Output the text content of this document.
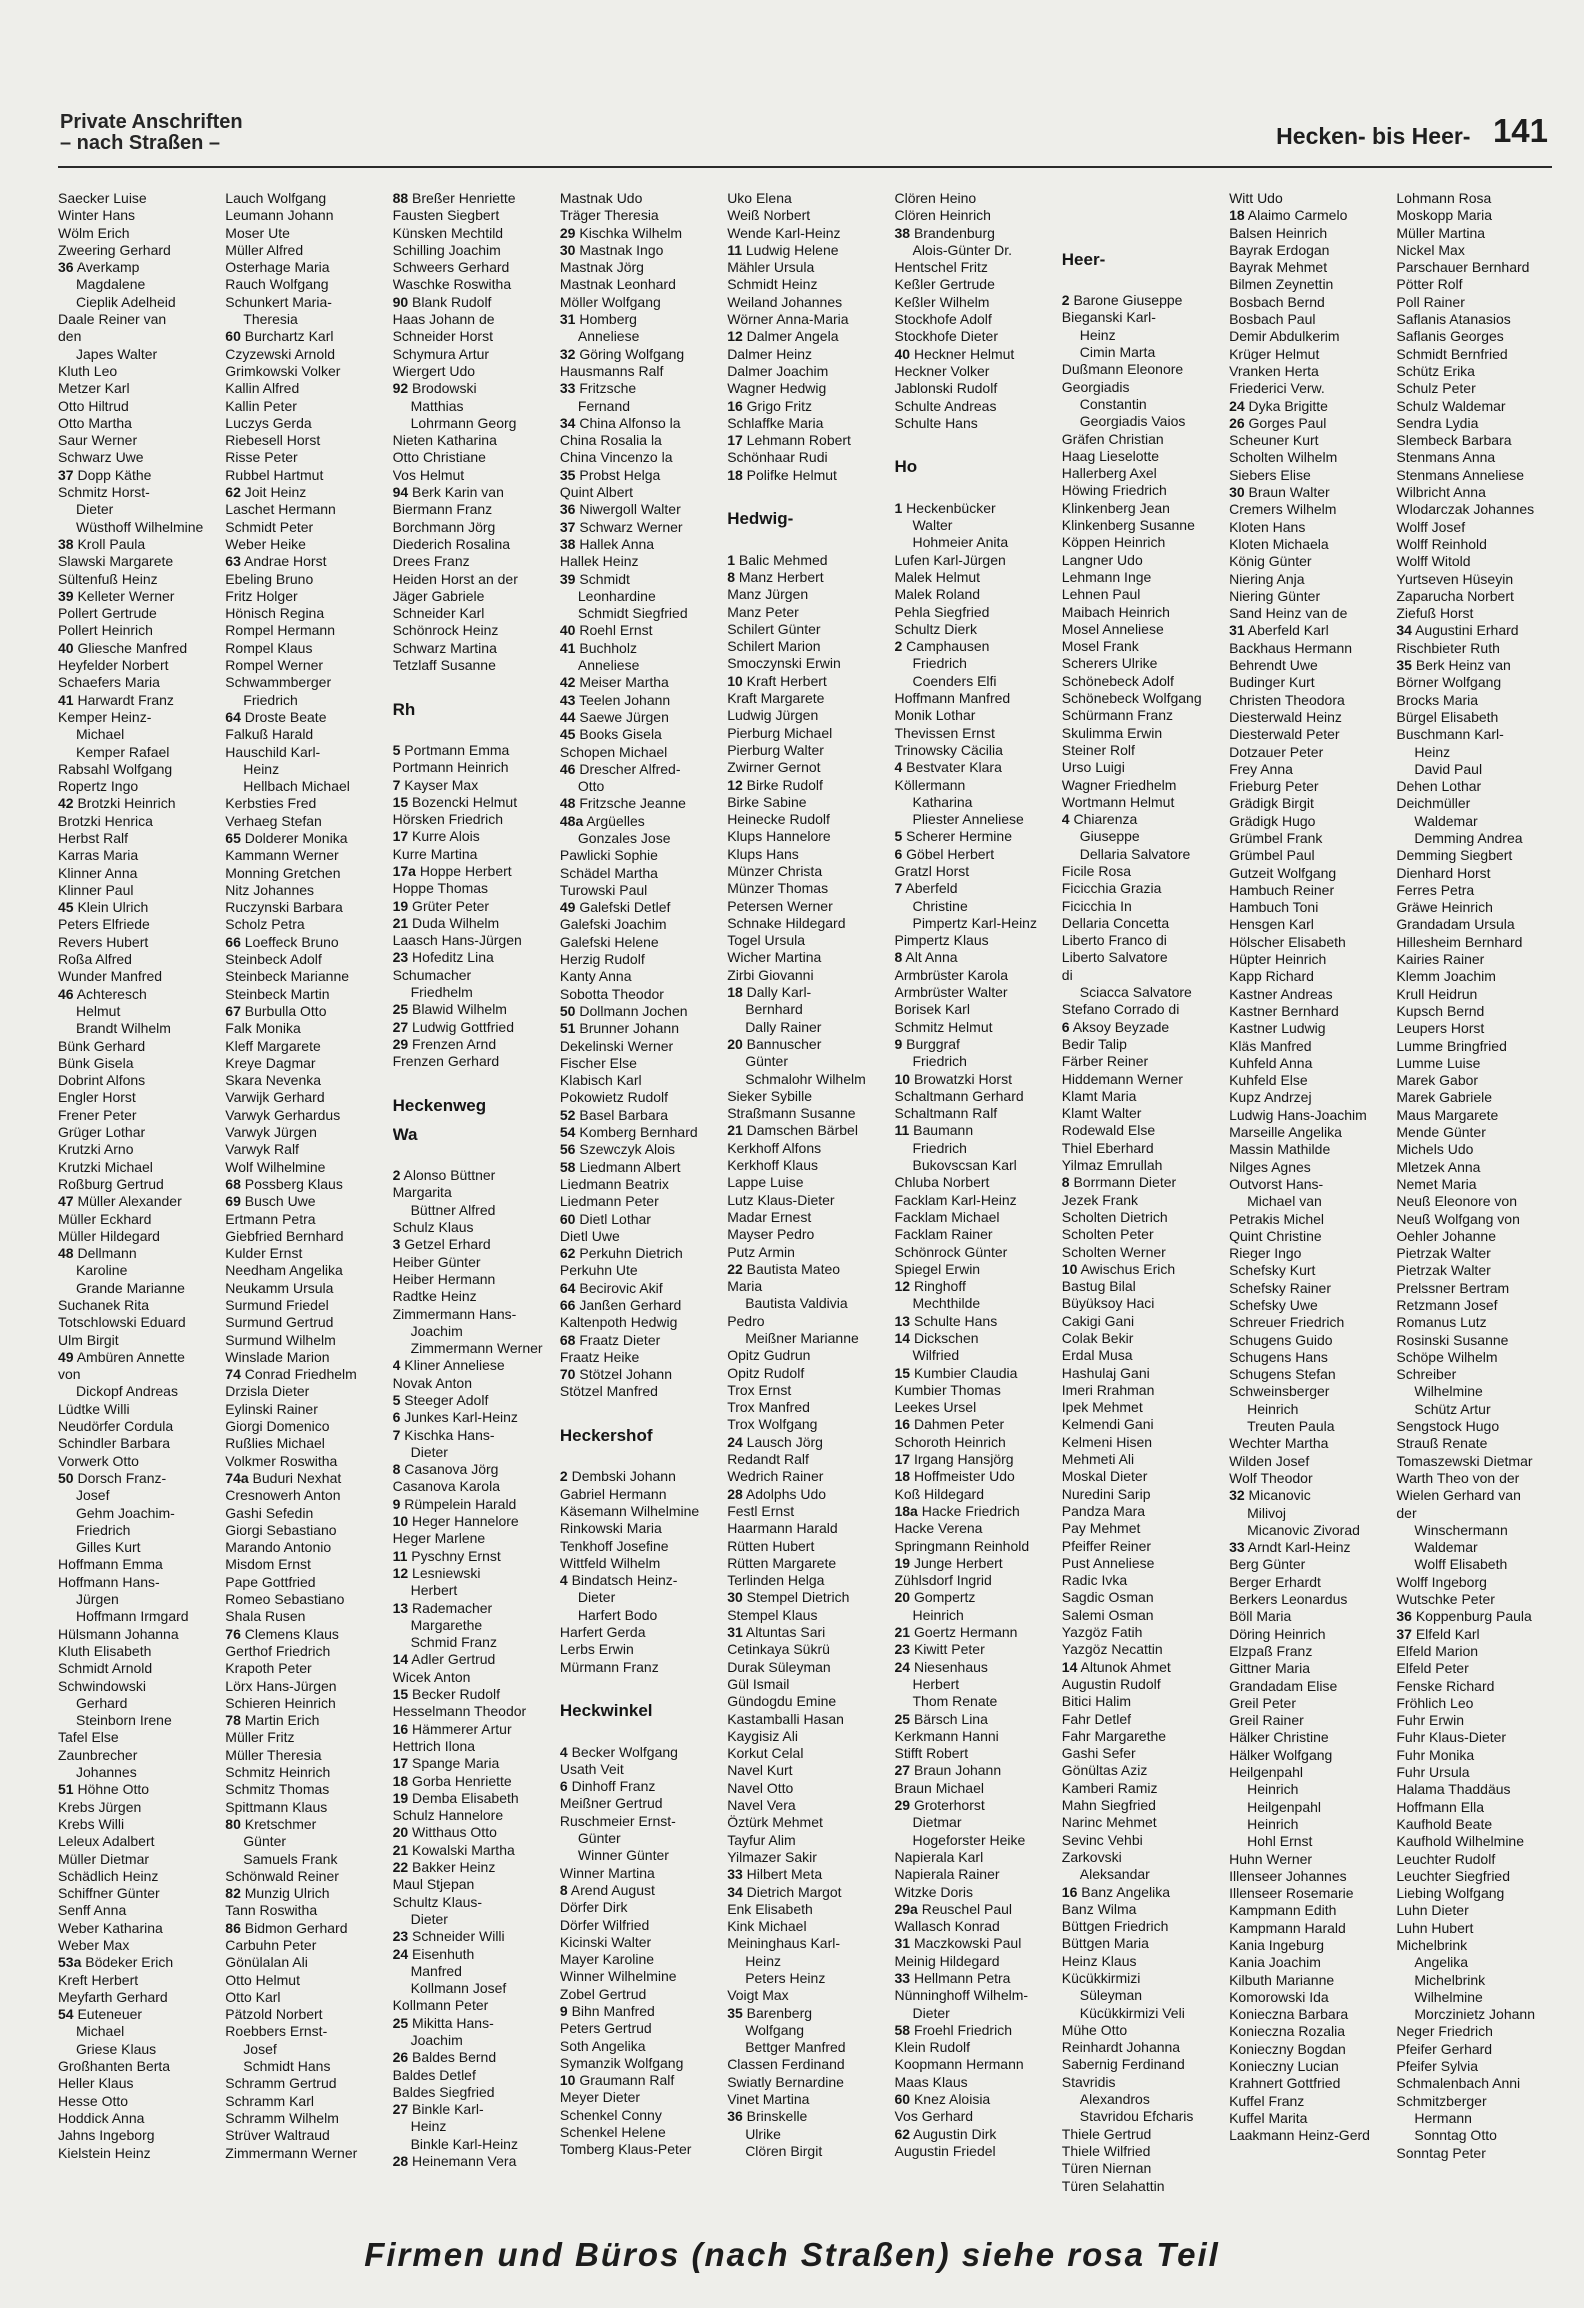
Private Anschriften
– nach Straßen –	Hecken- bis Heer- 141
Saecker Luise
Winter Hans
Wölm Erich
Zweering Gerhard
36 Averkamp
Magdalene
Cieplik Adelheid
Daale Reiner van
den
Japes Walter
Kluth Leo
Metzer Karl
Otto Hiltrud
Otto Martha
Saur Werner
Schwarz Uwe
37 Dopp Käthe
Schmitz Horst-
Dieter
Wüsthoff Wilhelmine
38 Kroll Paula
Slawski Margarete
Sültenfuß Heinz
39 Kelleter Werner
Pollert Gertrude
Pollert Heinrich
40 Gliesche Manfred
Heyfelder Norbert
Schaefers Maria
41 Harwardt Franz
Kemper Heinz-
Michael
Kemper Rafael
Rabsahl Wolfgang
Ropertz Ingo
42 Brotzki Heinrich
Brotzki Henrica
Herbst Ralf
Karras Maria
Klinner Anna
Klinner Paul
45 Klein Ulrich
Peters Elfriede
Revers Hubert
Roßa Alfred
Wunder Manfred
46 Achteresch
Helmut
Brandt Wilhelm
Bünk Gerhard
Bünk Gisela
Dobrint Alfons
Engler Horst
Frener Peter
Grüger Lothar
Krutzki Arno
Krutzki Michael
Roßburg Gertrud
47 Müller Alexander
Müller Eckhard
Müller Hildegard
48 Dellmann
Karoline
Grande Marianne
Suchanek Rita
Totschlowski Eduard
Ulm Birgit
49 Ambüren Annette
von
Dickopf Andreas
Lüdtke Willi
Neudörfer Cordula
Schindler Barbara
Vorwerk Otto
50 Dorsch Franz-
Josef
Gehm Joachim-
Friedrich
Gilles Kurt
Hoffmann Emma
Hoffmann Hans-
Jürgen
Hoffmann Irmgard
Hülsmann Johanna
Kluth Elisabeth
Schmidt Arnold
Schwindowski
Gerhard
Steinborn Irene
Tafel Else
Zaunbrecher
Johannes
51 Höhne Otto
Krebs Jürgen
Krebs Willi
Leleux Adalbert
Müller Dietmar
Schädlich Heinz
Schiffner Günter
Senff Anna
Weber Katharina
Weber Max
53a Bödeker Erich
Kreft Herbert
Meyfarth Gerhard
54 Euteneuer
Michael
Griese Klaus
Großhanten Berta
Heller Klaus
Hesse Otto
Hoddick Anna
Jahns Ingeborg
Kielstein Heinz
Lauch Wolfgang
Leumann Johann
Moser Ute
Müller Alfred
Osterhage Maria
Rauch Wolfgang
Schunkert Maria-
Theresia
60 Burchartz Karl
Czyzewski Arnold
Grimkowski Volker
Kallin Alfred
Kallin Peter
Luczys Gerda
Riebesell Horst
Risse Peter
Rubbel Hartmut
62 Joit Heinz
Laschet Hermann
Schmidt Peter
Weber Heike
63 Andrae Horst
Ebeling Bruno
Fritz Holger
Hönisch Regina
Rompel Hermann
Rompel Klaus
Rompel Werner
Schwammberger
Friedrich
64 Droste Beate
Falkuß Harald
Hauschild Karl-
Heinz
Hellbach Michael
Kerbsties Fred
Verhaeg Stefan
65 Dolderer Monika
Kammann Werner
Monning Gretchen
Nitz Johannes
Ruczynski Barbara
Scholz Petra
66 Loeffeck Bruno
Steinbeck Adolf
Steinbeck Marianne
Steinbeck Martin
67 Burbulla Otto
Falk Monika
Kleff Margarete
Kreye Dagmar
Skara Nevenka
Varwijk Gerhard
Varwyk Gerhardus
Varwyk Jürgen
Varwyk Ralf
Wolf Wilhelmine
68 Possberg Klaus
69 Busch Uwe
Ertmann Petra
Giebfried Bernhard
Kulder Ernst
Needham Angelika
Neukamm Ursula
Surmund Friedel
Surmund Gertrud
Surmund Wilhelm
Winslade Marion
74 Conrad Friedhelm
Drzisla Dieter
Eylinski Rainer
Giorgi Domenico
Rußlies Michael
Volkmer Roswitha
74a Buduri Nexhat
Cresnowerh Anton
Gashi Sefedin
Giorgi Sebastiano
Marando Antonio
Misdom Ernst
Pape Gottfried
Romeo Sebastiano
Shala Rusen
76 Clemens Klaus
Gerthof Friedrich
Krapoth Peter
Lörx Hans-Jürgen
Schieren Heinrich
78 Martin Erich
Müller Fritz
Müller Theresia
Schmitz Heinrich
Schmitz Thomas
Spittmann Klaus
80 Kretschmer
Günter
Samuels Frank
Schönwald Reiner
82 Munzig Ulrich
Tann Roswitha
86 Bidmon Gerhard
Carbuhn Peter
Gönülalan Ali
Otto Helmut
Otto Karl
Pätzold Norbert
Roebbers Ernst-
Josef
Schmidt Hans
Schramm Gertrud
Schramm Karl
Schramm Wilhelm
Strüver Waltraud
Zimmermann Werner
88 Breßer Henriette
Fausten Siegbert
Künsken Mechtild
Schilling Joachim
Schweers Gerhard
Waschke Roswitha
90 Blank Rudolf
Haas Johann de
Schneider Horst
Schymura Artur
Wiergert Udo
92 Brodowski
Matthias
Lohrmann Georg
Nieten Katharina
Otto Christiane
Vos Helmut
94 Berk Karin van
Biermann Franz
Borchmann Jörg
Diederich Rosalina
Drees Franz
Heiden Horst an der
Jäger Gabriele
Schneider Karl
Schönrock Heinz
Schwarz Martina
Tetzlaff Susanne
Rh
5 Portmann Emma
Portmann Heinrich
7 Kayser Max
15 Bozencki Helmut
Hörsken Friedrich
17 Kurre Alois
Kurre Martina
17a Hoppe Herbert
Hoppe Thomas
19 Grüter Peter
21 Duda Wilhelm
Laasch Hans-Jürgen
23 Hofeditz Lina
Schumacher
Friedhelm
25 Blawid Wilhelm
27 Ludwig Gottfried
29 Frenzen Arnd
Frenzen Gerhard
Heckenweg
Wa
2 Alonso Büttner
Margarita
Büttner Alfred
Schulz Klaus
3 Getzel Erhard
Heiber Günter
Heiber Hermann
Radtke Heinz
Zimmermann Hans-
Joachim
Zimmermann Werner
4 Kliner Anneliese
Novak Anton
5 Steeger Adolf
6 Junkes Karl-Heinz
7 Kischka Hans-
Dieter
8 Casanova Jörg
Casanova Karola
9 Rümpelein Harald
10 Heger Hannelore
Heger Marlene
11 Pyschny Ernst
12 Lesniewski
Herbert
13 Rademacher
Margarethe
Schmid Franz
14 Adler Gertrud
Wicek Anton
15 Becker Rudolf
Hesselmann Theodor
16 Hämmerer Artur
Hettrich Ilona
17 Spange Maria
18 Gorba Henriette
19 Demba Elisabeth
Schulz Hannelore
20 Witthaus Otto
21 Kowalski Martha
22 Bakker Heinz
Maul Stjepan
Schultz Klaus-
Dieter
23 Schneider Willi
24 Eisenhuth
Manfred
Kollmann Josef
Kollmann Peter
25 Mikitta Hans-
Joachim
26 Baldes Bernd
Baldes Detlef
Baldes Siegfried
27 Binkle Karl-
Heinz
Binkle Karl-Heinz
28 Heinemann Vera
Mastnak Udo
Träger Theresia
29 Kischka Wilhelm
30 Mastnak Ingo
Mastnak Jörg
Mastnak Leonhard
Möller Wolfgang
31 Homberg
Anneliese
32 Göring Wolfgang
Hausmanns Ralf
33 Fritzsche
Fernand
34 China Alfonso la
China Rosalia la
China Vincenzo la
35 Probst Helga
Quint Albert
36 Niwergoll Walter
37 Schwarz Werner
38 Hallek Anna
Hallek Heinz
39 Schmidt
Leonhardine
Schmidt Siegfried
40 Roehl Ernst
41 Buchholz
Anneliese
42 Meiser Martha
43 Teelen Johann
44 Saewe Jürgen
45 Books Gisela
Schopen Michael
46 Drescher Alfred-
Otto
48 Fritzsche Jeanne
48a Argüelles
Gonzales Jose
Pawlicki Sophie
Schädel Martha
Turowski Paul
49 Galefski Detlef
Galefski Joachim
Galefski Helene
Herzig Rudolf
Kanty Anna
Sobotta Theodor
50 Dollmann Jochen
51 Brunner Johann
Dekelinski Werner
Fischer Else
Klabisch Karl
Pokowietz Rudolf
52 Basel Barbara
54 Komberg Bernhard
56 Szewczyk Alois
58 Liedmann Albert
Liedmann Beatrix
Liedmann Peter
60 Dietl Lothar
Dietl Uwe
62 Perkuhn Dietrich
Perkuhn Ute
64 Becirovic Akif
66 Janßen Gerhard
Kaltenpoth Hedwig
68 Fraatz Dieter
Fraatz Heike
70 Stötzel Johann
Stötzel Manfred
Heckershof
2 Dembski Johann
Gabriel Hermann
Käsemann Wilhelmine
Rinkowski Maria
Tenkhoff Josefine
Wittfeld Wilhelm
4 Bindatsch Heinz-
Dieter
Harfert Bodo
Harfert Gerda
Lerbs Erwin
Mürmann Franz
Heckwinkel
4 Becker Wolfgang
Usath Veit
6 Dinhoff Franz
Meißner Gertrud
Ruschmeier Ernst-
Günter
Winner Günter
Winner Martina
8 Arend August
Dörfer Dirk
Dörfer Wilfried
Kicinski Walter
Mayer Karoline
Winner Wilhelmine
Zobel Gertrud
9 Bihn Manfred
Peters Gertrud
Soth Angelika
Symanzik Wolfgang
10 Graumann Ralf
Meyer Dieter
Schenkel Conny
Schenkel Helene
Tomberg Klaus-Peter
Uko Elena
Weiß Norbert
Wende Karl-Heinz
11 Ludwig Helene
Mähler Ursula
Schmidt Heinz
Weiland Johannes
Wörner Anna-Maria
12 Dalmer Angela
Dalmer Heinz
Dalmer Joachim
Wagner Hedwig
16 Grigo Fritz
Schlaffke Maria
17 Lehmann Robert
Schönhaar Rudi
18 Polifke Helmut
Hedwig-
1 Balic Mehmed
8 Manz Herbert
Manz Jürgen
Manz Peter
Schilert Günter
Schilert Marion
Smoczynski Erwin
10 Kraft Herbert
Kraft Margarete
Ludwig Jürgen
Pierburg Michael
Pierburg Walter
Zwirner Gernot
12 Birke Rudolf
Birke Sabine
Heinecke Rudolf
Klups Hannelore
Klups Hans
Münzer Christa
Münzer Thomas
Petersen Werner
Schnake Hildegard
Togel Ursula
Wicher Martina
Zirbi Giovanni
18 Dally Karl-
Bernhard
Dally Rainer
20 Bannuscher
Günter
Schmalohr Wilhelm
Sieker Sybille
Straßmann Susanne
21 Damschen Bärbel
Kerkhoff Alfons
Kerkhoff Klaus
Lappe Luise
Lutz Klaus-Dieter
Madar Ernest
Mayser Pedro
Putz Armin
22 Bautista Mateo
Maria
Bautista Valdivia
Pedro
Meißner Marianne
Opitz Gudrun
Opitz Rudolf
Trox Ernst
Trox Manfred
Trox Wolfgang
24 Lausch Jörg
Redandt Ralf
Wedrich Rainer
28 Adolphs Udo
Festl Ernst
Haarmann Harald
Rütten Hubert
Rütten Margarete
Terlinden Helga
30 Stempel Dietrich
Stempel Klaus
31 Altuntas Sari
Cetinkaya Sükrü
Durak Süleyman
Gül Ismail
Gündogdu Emine
Kastamballi Hasan
Kaygisiz Ali
Korkut Celal
Navel Kurt
Navel Otto
Navel Vera
Öztürk Mehmet
Tayfur Alim
Yilmazer Sakir
33 Hilbert Meta
34 Dietrich Margot
Enk Elisabeth
Kink Michael
Meininghaus Karl-
Heinz
Peters Heinz
Voigt Max
35 Barenberg
Wolfgang
Bettger Manfred
Classen Ferdinand
Swiatly Bernardine
Vinet Martina
36 Brinskelle
Ulrike
Clören Birgit
Clören Heino
Clören Heinrich
38 Brandenburg
Alois-Günter Dr.
Hentschel Fritz
Keßler Gertrude
Keßler Wilhelm
Stockhofe Adolf
Stockhofe Dieter
40 Heckner Helmut
Heckner Volker
Jablonski Rudolf
Schulte Andreas
Schulte Hans
Ho
1 Heckenbücker
Walter
Hohmeier Anita
Lufen Karl-Jürgen
Malek Helmut
Malek Roland
Pehla Siegfried
Schultz Dierk
2 Camphausen
Friedrich
Coenders Elfi
Hoffmann Manfred
Monik Lothar
Thevissen Ernst
Trinowsky Cäcilia
4 Bestvater Klara
Köllermann
Katharina
Pliester Anneliese
5 Scherer Hermine
6 Göbel Herbert
Gratzl Horst
7 Aberfeld
Christine
Pimpertz Karl-Heinz
Pimpertz Klaus
8 Alt Anna
Armbrüster Karola
Armbrüster Walter
Borisek Karl
Schmitz Helmut
9 Burggraf
Friedrich
10 Browatzki Horst
Schaltmann Gerhard
Schaltmann Ralf
11 Baumann
Friedrich
Bukovscsan Karl
Chluba Norbert
Facklam Karl-Heinz
Facklam Michael
Facklam Rainer
Schönrock Günter
Spiegel Erwin
12 Ringhoff
Mechthilde
13 Schulte Hans
14 Dickschen
Wilfried
15 Kumbier Claudia
Kumbier Thomas
Leekes Ursel
16 Dahmen Peter
Schoroth Heinrich
17 Irgang Hansjörg
18 Hoffmeister Udo
Koß Hildegard
18a Hacke Friedrich
Hacke Verena
Springmann Reinhold
19 Junge Herbert
Zühlsdorf Ingrid
20 Gompertz
Heinrich
21 Goertz Hermann
23 Kiwitt Peter
24 Niesenhaus
Herbert
Thom Renate
25 Bärsch Lina
Kerkmann Hanni
Stifft Robert
27 Braun Johann
Braun Michael
29 Groterhorst
Dietmar
Hogeforster Heike
Napierala Karl
Napierala Rainer
Witzke Doris
29a Reuschel Paul
Wallasch Konrad
31 Maczkowski Paul
Meinig Hildegard
33 Hellmann Petra
Nünninghoff Wilhelm-
Dieter
58 Froehl Friedrich
Klein Rudolf
Koopmann Hermann
Maas Klaus
60 Knez Aloisia
Vos Gerhard
62 Augustin Dirk
Augustin Friedel
Heer-
2 Barone Giuseppe
Bieganski Karl-
Heinz
Cimin Marta
Dußmann Eleonore
Georgiadis
Constantin
Georgiadis Vaios
Gräfen Christian
Haag Lieselotte
Hallerberg Axel
Höwing Friedrich
Klinkenberg Jean
Klinkenberg Susanne
Köppen Heinrich
Langner Udo
Lehmann Inge
Lehnen Paul
Maibach Heinrich
Mosel Anneliese
Mosel Frank
Scherers Ulrike
Schönebeck Adolf
Schönebeck Wolfgang
Schürmann Franz
Skulimma Erwin
Steiner Rolf
Urso Luigi
Wagner Friedhelm
Wortmann Helmut
4 Chiarenza
Giuseppe
Dellaria Salvatore
Ficile Rosa
Ficicchia Grazia
Ficicchia In
Dellaria Concetta
Liberto Franco di
Liberto Salvatore
di
Sciacca Salvatore
Stefano Corrado di
6 Aksoy Beyzade
Bedir Talip
Färber Reiner
Hiddemann Werner
Klamt Maria
Klamt Walter
Rodewald Else
Thiel Eberhard
Yilmaz Emrullah
8 Borrmann Dieter
Jezek Frank
Scholten Dietrich
Scholten Peter
Scholten Werner
10 Awischus Erich
Bastug Bilal
Büyüksoy Haci
Cakigi Gani
Colak Bekir
Erdal Musa
Hashulaj Gani
Imeri Rrahman
Ipek Mehmet
Kelmendi Gani
Kelmeni Hisen
Mehmeti Ali
Moskal Dieter
Nuredini Sarip
Pandza Mara
Pay Mehmet
Pfeiffer Reiner
Pust Anneliese
Radic Ivka
Sagdic Osman
Salemi Osman
Yazgöz Fatih
Yazgöz Necattin
14 Altunok Ahmet
Augustin Rudolf
Bitici Halim
Fahr Detlef
Fahr Margarethe
Gashi Sefer
Gönültas Aziz
Kamberi Ramiz
Mahn Siegfried
Narinc Mehmet
Sevinc Vehbi
Zarkovski
Aleksandar
16 Banz Angelika
Banz Wilma
Büttgen Friedrich
Büttgen Maria
Heinz Klaus
Kücükkirmizi
Süleyman
Kücükkirmizi Veli
Mühe Otto
Reinhardt Johanna
Sabernig Ferdinand
Stavridis
Alexandros
Stavridou Efcharis
Thiele Gertrud
Thiele Wilfried
Türen Niernan
Türen Selahattin
Witt Udo
18 Alaimo Carmelo
Balsen Heinrich
Bayrak Erdogan
Bayrak Mehmet
Bilmen Zeynettin
Bosbach Bernd
Bosbach Paul
Demir Abdulkerim
Krüger Helmut
Vranken Herta
Friederici Verw.
24 Dyka Brigitte
26 Gorges Paul
Scheuner Kurt
Scholten Wilhelm
Siebers Elise
30 Braun Walter
Cremers Wilhelm
Kloten Hans
Kloten Michaela
König Günter
Niering Anja
Niering Günter
Sand Heinz van de
31 Aberfeld Karl
Backhaus Hermann
Behrendt Uwe
Budinger Kurt
Christen Theodora
Diesterwald Heinz
Diesterwald Peter
Dotzauer Peter
Frey Anna
Frieburg Peter
Grädigk Birgit
Grädigk Hugo
Grümbel Frank
Grümbel Paul
Gutzeit Wolfgang
Hambuch Reiner
Hambuch Toni
Hensgen Karl
Hölscher Elisabeth
Hüpter Heinrich
Kapp Richard
Kastner Andreas
Kastner Bernhard
Kastner Ludwig
Kläs Manfred
Kuhfeld Anna
Kuhfeld Else
Kupz Andrzej
Ludwig Hans-Joachim
Marseille Angelika
Massin Mathilde
Nilges Agnes
Outvorst Hans-
Michael van
Petrakis Michel
Quint Christine
Rieger Ingo
Schefsky Kurt
Schefsky Rainer
Schefsky Uwe
Schreuer Friedrich
Schugens Guido
Schugens Hans
Schugens Stefan
Schweinsberger
Heinrich
Treuten Paula
Wechter Martha
Wilden Josef
Wolf Theodor
32 Micanovic
Milivoj
Micanovic Zivorad
33 Arndt Karl-Heinz
Berg Günter
Berger Erhardt
Berkers Leonardus
Böll Maria
Döring Heinrich
Elzpaß Franz
Gittner Maria
Grandadam Elise
Greil Peter
Greil Rainer
Hälker Christine
Hälker Wolfgang
Heilgenpahl
Heinrich
Heilgenpahl
Heinrich
Hohl Ernst
Huhn Werner
Illenseer Johannes
Illenseer Rosemarie
Kampmann Edith
Kampmann Harald
Kania Ingeburg
Kania Joachim
Kilbuth Marianne
Komorowski Ida
Konieczna Barbara
Konieczna Rozalia
Konieczny Bogdan
Konieczny Lucian
Krahnert Gottfried
Kuffel Franz
Kuffel Marita
Laakmann Heinz-Gerd
Lohmann Rosa
Moskopp Maria
Müller Martina
Nickel Max
Parschauer Bernhard
Pötter Rolf
Poll Rainer
Saflanis Atanasios
Saflanis Georges
Schmidt Bernfried
Schütz Erika
Schulz Peter
Schulz Waldemar
Sendra Lydia
Slembeck Barbara
Stenmans Anna
Stenmans Anneliese
Wilbricht Anna
Wlodarczak Johannes
Wolff Josef
Wolff Reinhold
Wolff Witold
Yurtseven Hüseyin
Zaparucha Norbert
Ziefuß Horst
34 Augustini Erhard
Rischbieter Ruth
35 Berk Heinz van
Börner Wolfgang
Brocks Maria
Bürgel Elisabeth
Buschmann Karl-
Heinz
David Paul
Dehen Lothar
Deichmüller
Waldemar
Demming Andrea
Demming Siegbert
Dienhard Horst
Ferres Petra
Gräwe Heinrich
Grandadam Ursula
Hillesheim Bernhard
Kairies Rainer
Klemm Joachim
Krull Heidrun
Kupsch Bernd
Leupers Horst
Lumme Bringfried
Lumme Luise
Marek Gabor
Marek Gabriele
Maus Margarete
Mende Günter
Michels Udo
Mletzek Anna
Nemet Maria
Neuß Eleonore von
Neuß Wolfgang von
Oehler Johanne
Pietrzak Walter
Pietrzak Walter
Prelssner Bertram
Retzmann Josef
Romanus Lutz
Rosinski Susanne
Schöpe Wilhelm
Schreiber
Wilhelmine
Schütz Artur
Sengstock Hugo
Strauß Renate
Tomaszewski Dietmar
Warth Theo von der
Wielen Gerhard van
der
Winschermann
Waldemar
Wolff Elisabeth
Wolff Ingeborg
Wutschke Peter
36 Koppenburg Paula
37 Elfeld Karl
Elfeld Marion
Elfeld Peter
Fenske Richard
Fröhlich Leo
Fuhr Erwin
Fuhr Klaus-Dieter
Fuhr Monika
Fuhr Ursula
Halama Thaddäus
Hoffmann Ella
Kaufhold Beate
Kaufhold Wilhelmine
Leuchter Rudolf
Leuchter Siegfried
Liebing Wolfgang
Luhn Dieter
Luhn Hubert
Michelbrink
Angelika
Michelbrink
Wilhelmine
Morczinietz Johann
Neger Friedrich
Pfeifer Gerhard
Pfeifer Sylvia
Schmalenbach Anni
Schmitzberger
Hermann
Sonntag Otto
Sonntag Peter
Firmen und Büros (nach Straßen) siehe rosa Teil
